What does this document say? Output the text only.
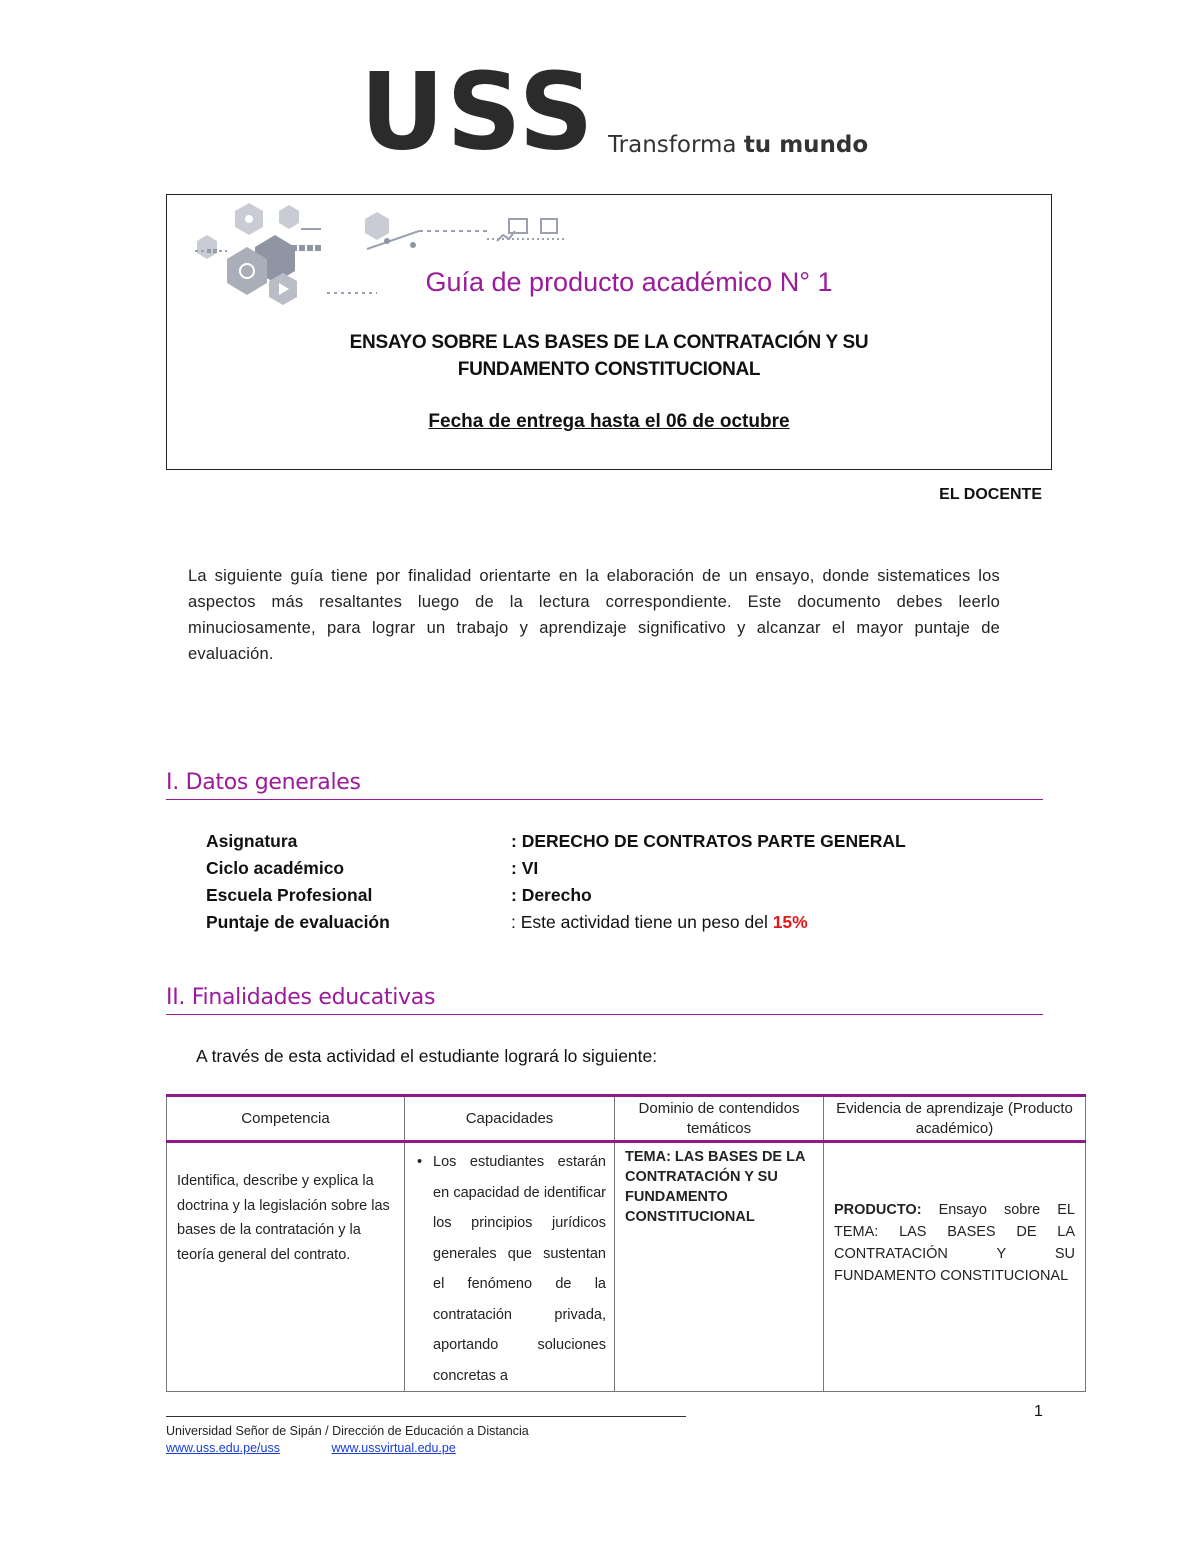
USS Transforma tu mundo
Guía de producto académico N° 1
ENSAYO SOBRE LAS BASES DE LA CONTRATACIÓN Y SU
FUNDAMENTO CONSTITUCIONAL
Fecha de entrega hasta el 06 de octubre
EL DOCENTE
La siguiente guía tiene por finalidad orientarte en la elaboración de un ensayo, donde sistematices los aspectos más resaltantes luego de la lectura correspondiente. Este documento debes leerlo minuciosamente, para lograr un trabajo y aprendizaje significativo y alcanzar el mayor puntaje de evaluación.
I. Datos generales
Asignatura	: DERECHO DE CONTRATOS PARTE GENERAL
Ciclo académico	: VI
Escuela Profesional	: Derecho
Puntaje de evaluación	: Este actividad tiene un peso del 15%
II. Finalidades educativas
A través de esta actividad el estudiante logrará lo siguiente:
Competencia	Capacidades	Dominio de contendidos temáticos	Evidencia de aprendizaje (Producto académico)
Identifica, describe y explica la doctrina y la legislación sobre las bases de la contratación y la teoría general del contrato.	• Los estudiantes estarán en capacidad de identificar los principios jurídicos generales que sustentan el fenómeno de la contratación privada, aportando soluciones concretas a	TEMA: LAS BASES DE LA CONTRATACIÓN Y SU FUNDAMENTO CONSTITUCIONAL	PRODUCTO: Ensayo sobre EL TEMA: LAS BASES DE LA CONTRATACIÓN Y SU FUNDAMENTO CONSTITUCIONAL
1
Universidad Señor de Sipán / Dirección de Educación a Distancia
www.uss.edu.pe/uss	www.ussvirtual.edu.pe
